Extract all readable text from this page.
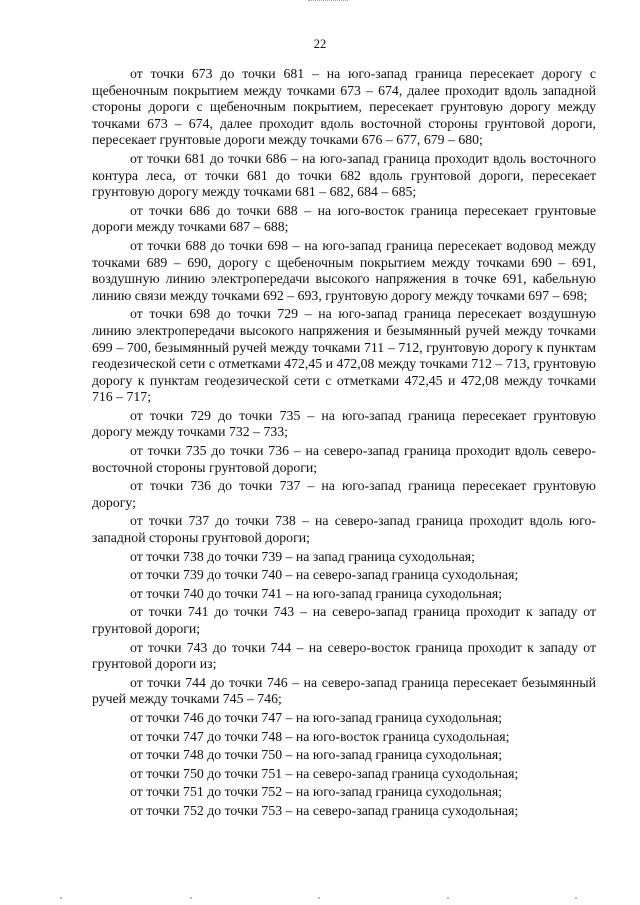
22

от точки 673 до точки 681 – на юго-запад граница пересекает дорогу с щебеночным покрытием между точками 673 – 674, далее проходит вдоль западной стороны дороги с щебеночным покрытием, пересекает грунтовую дорогу между точками 673 – 674, далее проходит вдоль восточной стороны грунтовой дороги, пересекает грунтовые дороги между точками 676 – 677, 679 – 680;

от точки 681 до точки 686 – на юго-запад граница проходит вдоль восточного контура леса, от точки 681 до точки 682 вдоль грунтовой дороги, пересекает грунтовую дорогу между точками 681 – 682, 684 – 685;

от точки 686 до точки 688 – на юго-восток граница пересекает грунтовые дороги между точками 687 – 688;

от точки 688 до точки 698 – на юго-запад граница пересекает водовод между точками 689 – 690, дорогу с щебеночным покрытием между точками 690 – 691, воздушную линию электропередачи высокого напряжения в точке 691, кабельную линию связи между точками 692 – 693, грунтовую дорогу между точками 697 – 698;

от точки 698 до точки 729 – на юго-запад граница пересекает воздушную линию электропередачи высокого напряжения и безымянный ручей между точками 699 – 700, безымянный ручей между точками 711 – 712, грунтовую дорогу к пунктам геодезической сети с отметками 472,45 и 472,08 между точками 712 – 713, грунтовую дорогу к пунктам геодезической сети с отметками 472,45 и 472,08 между точками 716 – 717;

от точки 729 до точки 735 – на юго-запад граница пересекает грунтовую дорогу между точками 732 – 733;

от точки 735 до точки 736 – на северо-запад граница проходит вдоль северо-восточной стороны грунтовой дороги;

от точки 736 до точки 737 – на юго-запад граница пересекает грунтовую дорогу;

от точки 737 до точки 738 – на северо-запад граница проходит вдоль юго-западной стороны грунтовой дороги;

от точки 738 до точки 739 – на запад граница суходольная;

от точки 739 до точки 740 – на северо-запад граница суходольная;

от точки 740 до точки 741 – на юго-запад граница суходольная;

от точки 741 до точки 743 – на северо-запад граница проходит к западу от грунтовой дороги;

от точки 743 до точки 744 – на северо-восток граница проходит к западу от грунтовой дороги из;

от точки 744 до точки 746 – на северо-запад граница пересекает безымянный ручей между точками 745 – 746;

от точки 746 до точки 747 – на юго-запад граница суходольная;

от точки 747 до точки 748 – на юго-восток граница суходольная;

от точки 748 до точки 750 – на юго-запад граница суходольная;

от точки 750 до точки 751 – на северо-запад граница суходольная;

от точки 751 до точки 752 – на юго-запад граница суходольная;

от точки 752 до точки 753 – на северо-запад граница суходольная;
